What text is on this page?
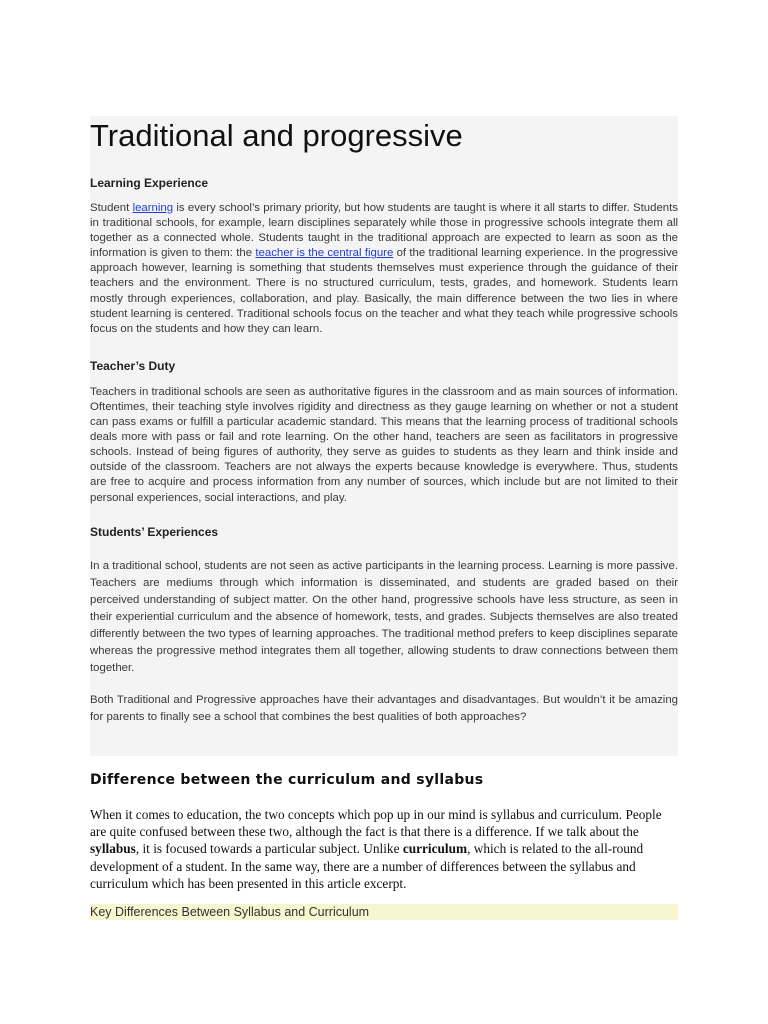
Traditional and progressive
Learning Experience

Student learning is every school’s primary priority, but how students are taught is where it all starts to differ. Students in traditional schools, for example, learn disciplines separately while those in progressive schools integrate them all together as a connected whole. Students taught in the traditional approach are expected to learn as soon as the information is given to them: the teacher is the central figure of the traditional learning experience. In the progressive approach however, learning is something that students themselves must experience through the guidance of their teachers and the environment. There is no structured curriculum, tests, grades, and homework. Students learn mostly through experiences, collaboration, and play. Basically, the main difference between the two lies in where student learning is centered. Traditional schools focus on the teacher and what they teach while progressive schools focus on the students and how they can learn.

Teacher’s Duty

Teachers in traditional schools are seen as authoritative figures in the classroom and as main sources of information. Oftentimes, their teaching style involves rigidity and directness as they gauge learning on whether or not a student can pass exams or fulfill a particular academic standard. This means that the learning process of traditional schools deals more with pass or fail and rote learning. On the other hand, teachers are seen as facilitators in progressive schools. Instead of being figures of authority, they serve as guides to students as they learn and think inside and outside of the classroom. Teachers are not always the experts because knowledge is everywhere. Thus, students are free to acquire and process information from any number of sources, which include but are not limited to their personal experiences, social interactions, and play.

Students’ Experiences

In a traditional school, students are not seen as active participants in the learning process. Learning is more passive. Teachers are mediums through which information is disseminated, and students are graded based on their perceived understanding of subject matter. On the other hand, progressive schools have less structure, as seen in their experiential curriculum and the absence of homework, tests, and grades. Subjects themselves are also treated differently between the two types of learning approaches. The traditional method prefers to keep disciplines separate whereas the progressive method integrates them all together, allowing students to draw connections between them together.

Both Traditional and Progressive approaches have their advantages and disadvantages. But wouldn’t it be amazing for parents to finally see a school that combines the best qualities of both approaches?

Difference between the curriculum and syllabus

When it comes to education, the two concepts which pop up in our mind is syllabus and curriculum. People are quite confused between these two, although the fact is that there is a difference. If we talk about the syllabus, it is focused towards a particular subject. Unlike curriculum, which is related to the all-round development of a student. In the same way, there are a number of differences between the syllabus and curriculum which has been presented in this article excerpt.

Key Differences Between Syllabus and Curriculum
